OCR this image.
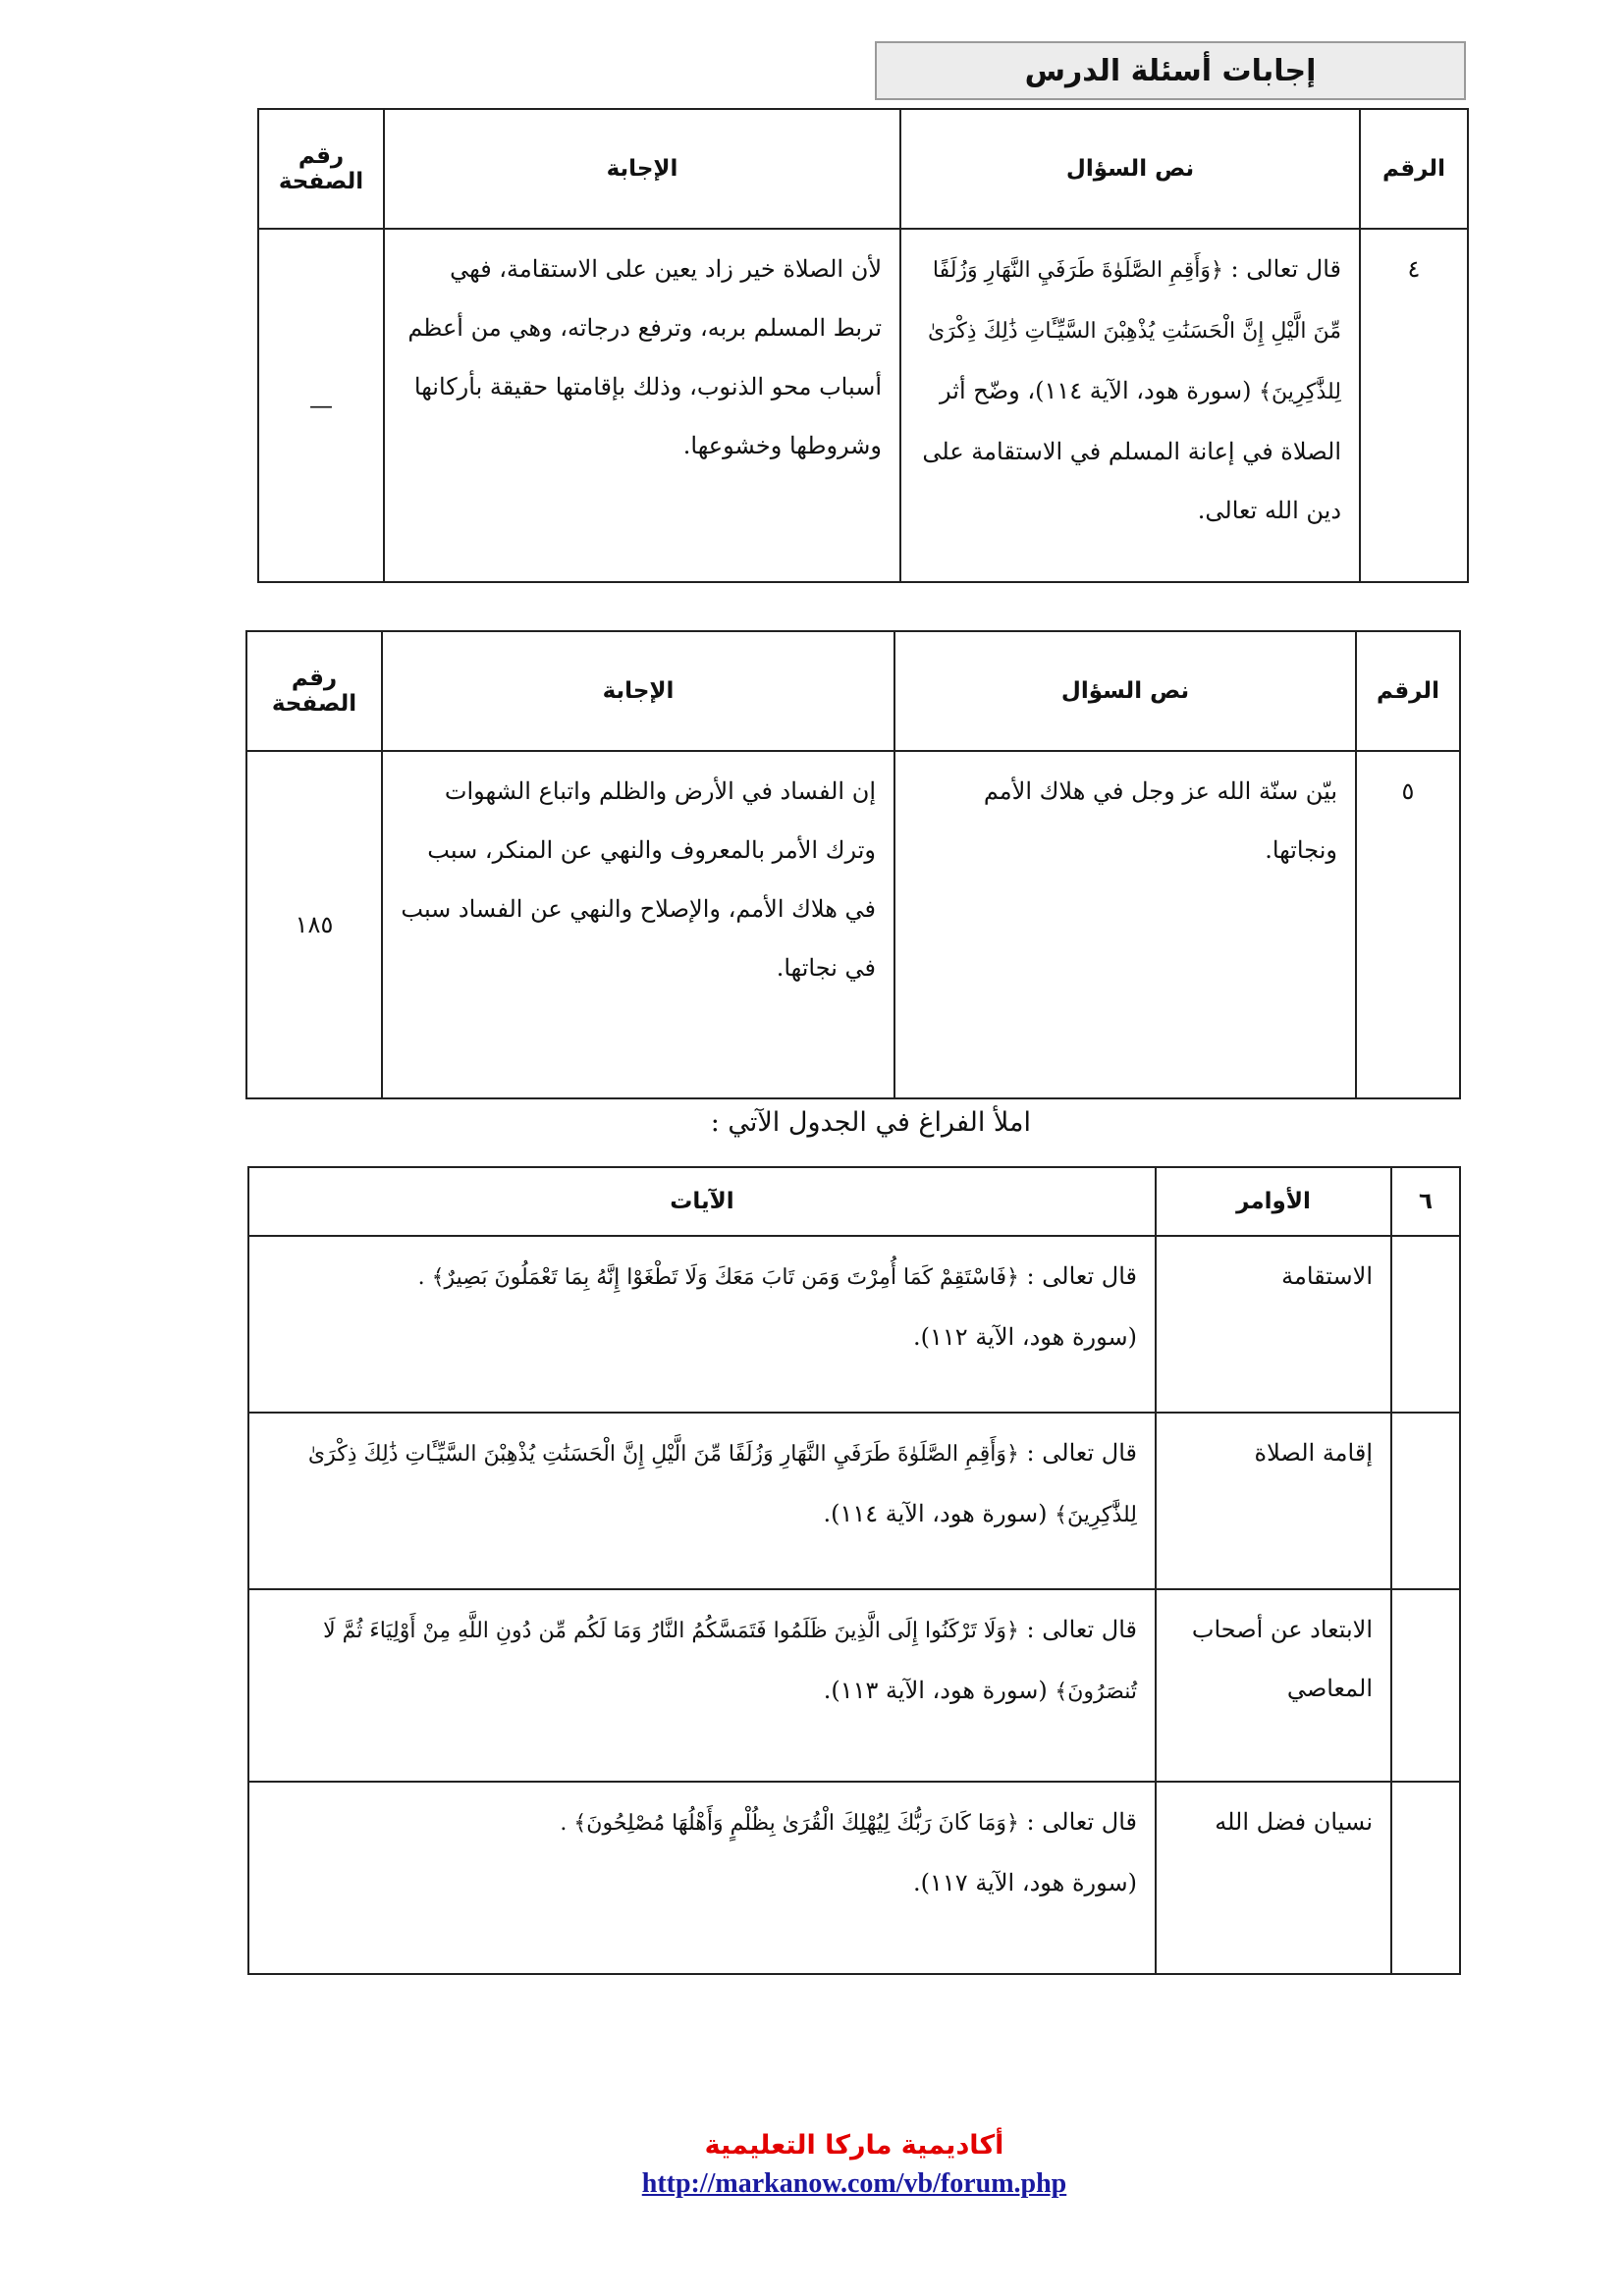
إجابات أسئلة الدرس
الرقم	نص السؤال	الإجابة	رقم الصفحة
٤	قال تعالى : ﴿وَأَقِمِ الصَّلَوٰةَ طَرَفَيِ النَّهَارِ وَزُلَفًا مِّنَ الَّيْلِ إِنَّ الْحَسَنَٰتِ يُذْهِبْنَ السَّيِّـَٔاتِ ذَٰلِكَ ذِكْرَىٰ لِلذَّٰكِرِينَ﴾ (سورة هود، الآية ١١٤)، وضّح أثر الصلاة في إعانة المسلم في الاستقامة على دين الله تعالى.	لأن الصلاة خير زاد يعين على الاستقامة، فهي تربط المسلم بربه، وترفع درجاته، وهي من أعظم أسباب محو الذنوب، وذلك بإقامتها حقيقة بأركانها وشروطها وخشوعها.	—
الرقم	نص السؤال	الإجابة	رقم الصفحة
٥	بيّن سنّة الله عز وجل في هلاك الأمم ونجاتها.	إن الفساد في الأرض والظلم واتباع الشهوات وترك الأمر بالمعروف والنهي عن المنكر، سبب في هلاك الأمم، والإصلاح والنهي عن الفساد سبب في نجاتها.	١٨٥
املأ الفراغ في الجدول الآتي :
٦	الأوامر	الآيات
	الاستقامة	قال تعالى : ﴿فَاسْتَقِمْ كَمَا أُمِرْتَ وَمَن تَابَ مَعَكَ وَلَا تَطْغَوْا إِنَّهُ بِمَا تَعْمَلُونَ بَصِيرٌ﴾ .
(سورة هود، الآية ١١٢).
	إقامة الصلاة	قال تعالى : ﴿وَأَقِمِ الصَّلَوٰةَ طَرَفَيِ النَّهَارِ وَزُلَفًا مِّنَ الَّيْلِ إِنَّ الْحَسَنَٰتِ يُذْهِبْنَ السَّيِّـَٔاتِ ذَٰلِكَ ذِكْرَىٰ لِلذَّٰكِرِينَ﴾ (سورة هود، الآية ١١٤).
	الابتعاد عن أصحاب المعاصي	قال تعالى : ﴿وَلَا تَرْكَنُوا إِلَى الَّذِينَ ظَلَمُوا فَتَمَسَّكُمُ النَّارُ وَمَا لَكُم مِّن دُونِ اللَّهِ مِنْ أَوْلِيَاءَ ثُمَّ لَا تُنصَرُونَ﴾ (سورة هود، الآية ١١٣).
	نسيان فضل الله	قال تعالى : ﴿وَمَا كَانَ رَبُّكَ لِيُهْلِكَ الْقُرَىٰ بِظُلْمٍ وَأَهْلُهَا مُصْلِحُونَ﴾ .
(سورة هود، الآية ١١٧).
أكاديمية ماركا التعليمية
http://markanow.com/vb/forum.php
